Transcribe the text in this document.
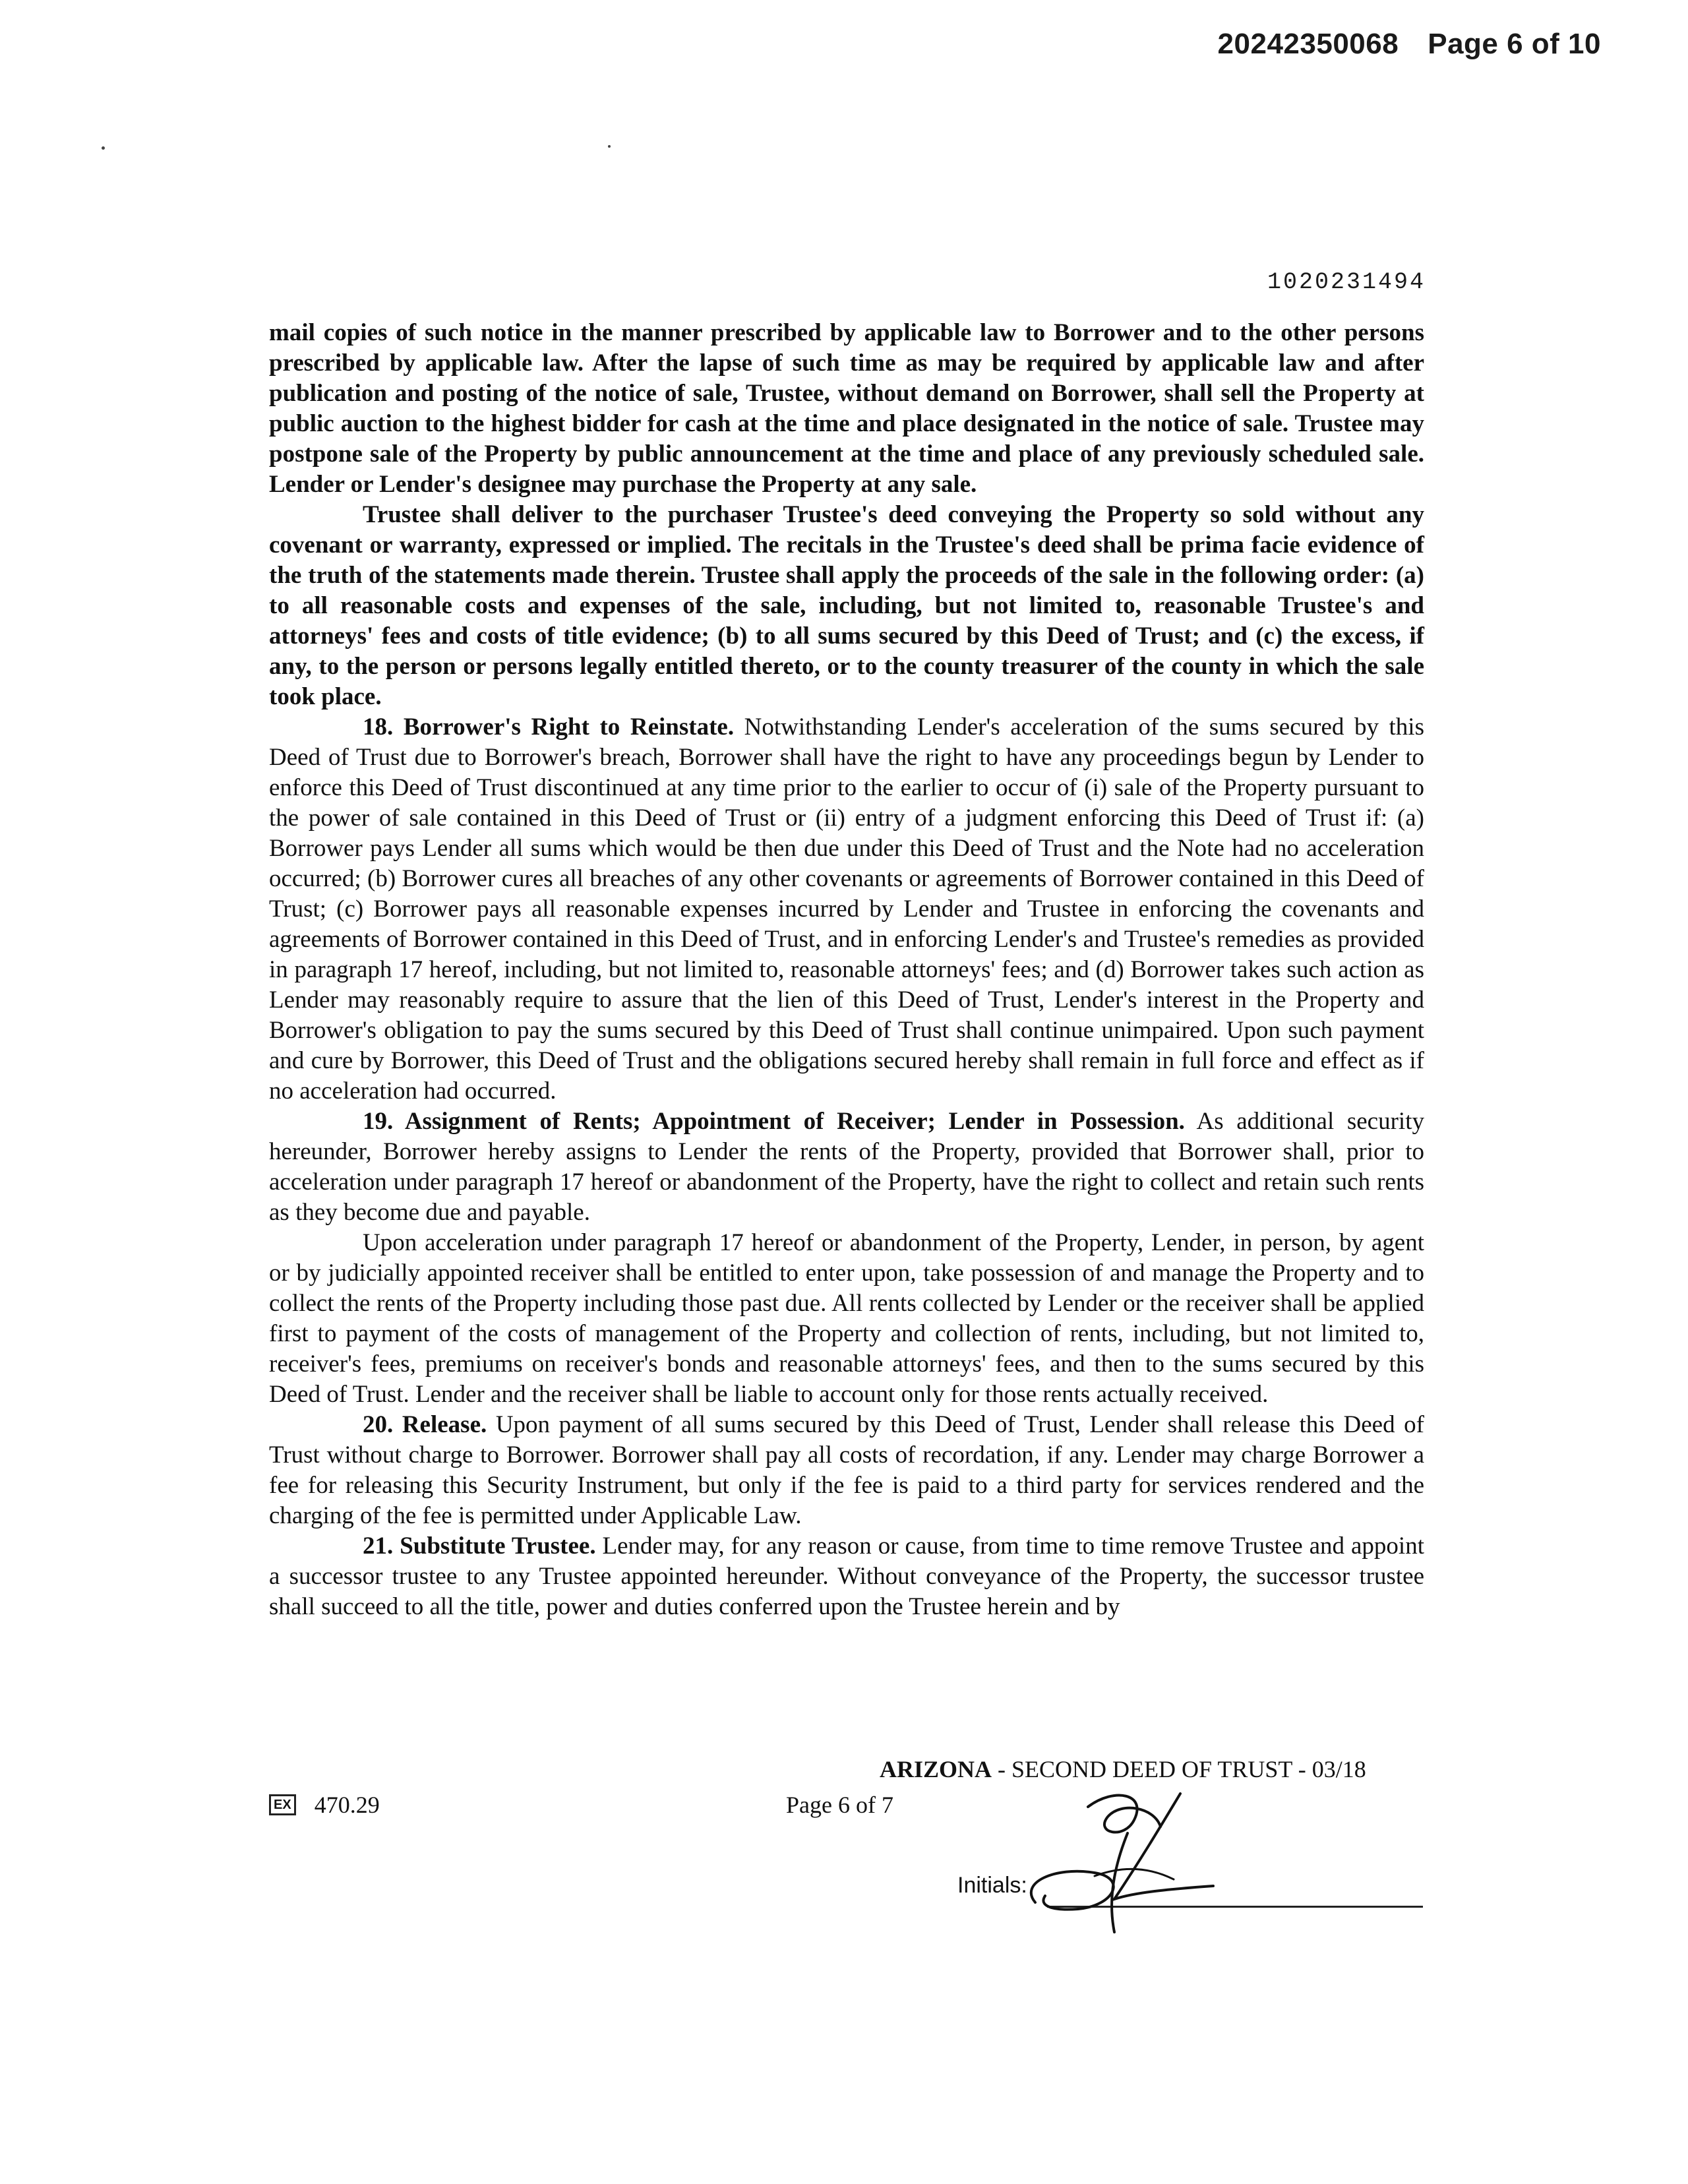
20242350068 Page 6 of 10
1020231494

mail copies of such notice in the manner prescribed by applicable law to Borrower and to the other persons prescribed by applicable law. After the lapse of such time as may be required by applicable law and after publication and posting of the notice of sale, Trustee, without demand on Borrower, shall sell the Property at public auction to the highest bidder for cash at the time and place designated in the notice of sale. Trustee may postpone sale of the Property by public announcement at the time and place of any previously scheduled sale. Lender or Lender's designee may purchase the Property at any sale.

Trustee shall deliver to the purchaser Trustee's deed conveying the Property so sold without any covenant or warranty, expressed or implied. The recitals in the Trustee's deed shall be prima facie evidence of the truth of the statements made therein. Trustee shall apply the proceeds of the sale in the following order: (a) to all reasonable costs and expenses of the sale, including, but not limited to, reasonable Trustee's and attorneys' fees and costs of title evidence; (b) to all sums secured by this Deed of Trust; and (c) the excess, if any, to the person or persons legally entitled thereto, or to the county treasurer of the county in which the sale took place.

18. Borrower's Right to Reinstate. Notwithstanding Lender's acceleration of the sums secured by this Deed of Trust due to Borrower's breach, Borrower shall have the right to have any proceedings begun by Lender to enforce this Deed of Trust discontinued at any time prior to the earlier to occur of (i) sale of the Property pursuant to the power of sale contained in this Deed of Trust or (ii) entry of a judgment enforcing this Deed of Trust if: (a) Borrower pays Lender all sums which would be then due under this Deed of Trust and the Note had no acceleration occurred; (b) Borrower cures all breaches of any other covenants or agreements of Borrower contained in this Deed of Trust; (c) Borrower pays all reasonable expenses incurred by Lender and Trustee in enforcing the covenants and agreements of Borrower contained in this Deed of Trust, and in enforcing Lender's and Trustee's remedies as provided in paragraph 17 hereof, including, but not limited to, reasonable attorneys' fees; and (d) Borrower takes such action as Lender may reasonably require to assure that the lien of this Deed of Trust, Lender's interest in the Property and Borrower's obligation to pay the sums secured by this Deed of Trust shall continue unimpaired. Upon such payment and cure by Borrower, this Deed of Trust and the obligations secured hereby shall remain in full force and effect as if no acceleration had occurred.

19. Assignment of Rents; Appointment of Receiver; Lender in Possession. As additional security hereunder, Borrower hereby assigns to Lender the rents of the Property, provided that Borrower shall, prior to acceleration under paragraph 17 hereof or abandonment of the Property, have the right to collect and retain such rents as they become due and payable.

Upon acceleration under paragraph 17 hereof or abandonment of the Property, Lender, in person, by agent or by judicially appointed receiver shall be entitled to enter upon, take possession of and manage the Property and to collect the rents of the Property including those past due. All rents collected by Lender or the receiver shall be applied first to payment of the costs of management of the Property and collection of rents, including, but not limited to, receiver's fees, premiums on receiver's bonds and reasonable attorneys' fees, and then to the sums secured by this Deed of Trust. Lender and the receiver shall be liable to account only for those rents actually received.

20. Release. Upon payment of all sums secured by this Deed of Trust, Lender shall release this Deed of Trust without charge to Borrower. Borrower shall pay all costs of recordation, if any. Lender may charge Borrower a fee for releasing this Security Instrument, but only if the fee is paid to a third party for services rendered and the charging of the fee is permitted under Applicable Law.

21. Substitute Trustee. Lender may, for any reason or cause, from time to time remove Trustee and appoint a successor trustee to any Trustee appointed hereunder. Without conveyance of the Property, the successor trustee shall succeed to all the title, power and duties conferred upon the Trustee herein and by

EX 470.29	Page 6 of 7
ARIZONA - SECOND DEED OF TRUST - 03/18
Initials:
